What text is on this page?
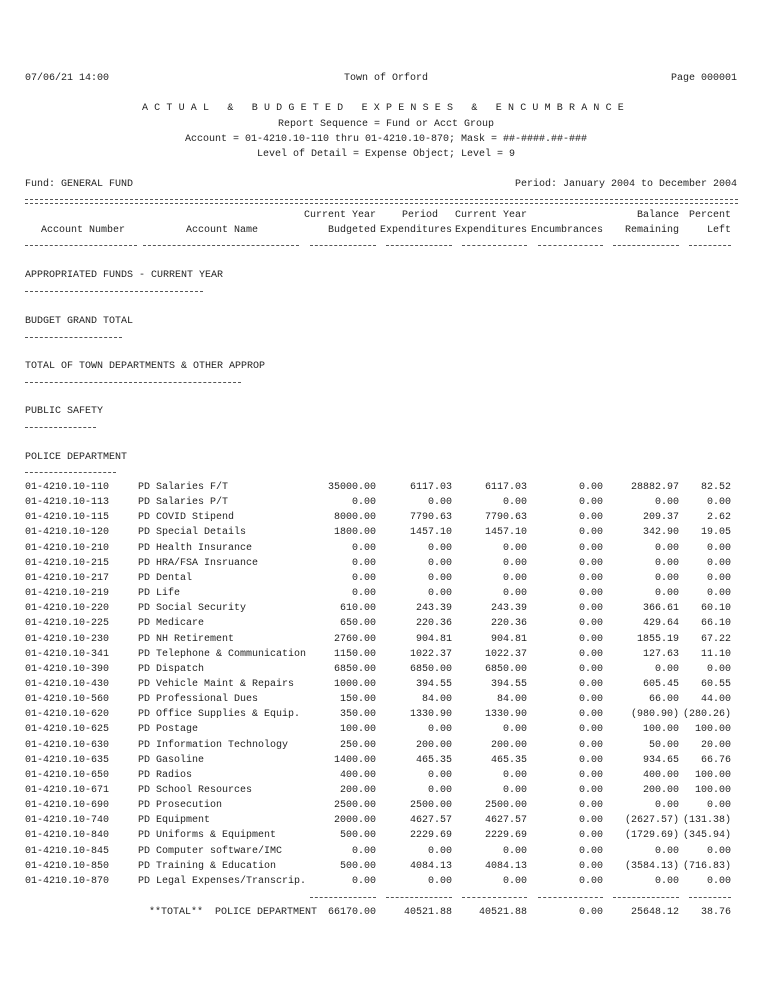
07/06/21 14:00	Town of Orford	Page 000001
ACTUAL & BUDGETED EXPENSES & ENCUMBRANCE
Report Sequence = Fund or Acct Group
Account = 01-4210.10-110 thru 01-4210.10-870; Mask = ##-####.##-###
Level of Detail = Expense Object; Level = 9
Fund: GENERAL FUND	Period: January 2004 to December 2004
Account Number	Account Name
Current Year
Budgeted
Period
Expenditures
Current Year
Expenditures Encumbrances
Balance
Remaining
Percent
Left
APPROPRIATED FUNDS - CURRENT YEAR
BUDGET GRAND TOTAL
TOTAL OF TOWN DEPARTMENTS & OTHER APPROP
PUBLIC SAFETY
POLICE DEPARTMENT
01-4210.10-110	PD Salaries F/T	35000.00	6117.03	6117.03	0.00	28882.97 82.52
01-4210.10-113	PD Salaries P/T	0.00	0.00	0.00	0.00	0.00	0.00
01-4210.10-115	PD COVID Stipend	8000.00	7790.63	7790.63	0.00	209.37	2.62
01-4210.10-120	PD Special Details	1800.00	1457.10	1457.10	0.00	342.90 19.05
01-4210.10-210	PD Health Insurance	0.00	0.00	0.00	0.00	0.00	0.00
01-4210.10-215	PD HRA/FSA Insruance	0.00	0.00	0.00	0.00	0.00	0.00
01-4210.10-217	PD Dental	0.00	0.00	0.00	0.00	0.00	0.00
01-4210.10-219	PD Life	0.00	0.00	0.00	0.00	0.00	0.00
01-4210.10-220	PD Social Security	610.00	243.39	243.39	0.00	366.61 60.10
01-4210.10-225	PD Medicare	650.00	220.36	220.36	0.00	429.64 66.10
01-4210.10-230	PD NH Retirement	2760.00	904.81	904.81	0.00	1855.19 67.22
01-4210.10-341	PD Telephone & Communication	1150.00	1022.37	1022.37	0.00	127.63 11.10
01-4210.10-390	PD Dispatch	6850.00	6850.00	6850.00	0.00	0.00	0.00
01-4210.10-430	PD Vehicle Maint & Repairs	1000.00	394.55	394.55	0.00	605.45 60.55
01-4210.10-560	PD Professional Dues	150.00	84.00	84.00	0.00	66.00 44.00
01-4210.10-620	PD Office Supplies & Equip.	350.00	1330.90	1330.90	0.00	(980.90) (280.26)
01-4210.10-625	PD Postage	100.00	0.00	0.00	0.00	100.00 100.00
01-4210.10-630	PD Information Technology	250.00	200.00	200.00	0.00	50.00 20.00
01-4210.10-635	PD Gasoline	1400.00	465.35	465.35	0.00	934.65 66.76
01-4210.10-650	PD Radios	400.00	0.00	0.00	0.00	400.00 100.00
01-4210.10-671	PD School Resources	200.00	0.00	0.00	0.00	200.00 100.00
01-4210.10-690	PD Prosecution	2500.00	2500.00	2500.00	0.00	0.00	0.00
01-4210.10-740	PD Equipment	2000.00	4627.57	4627.57	0.00 (2627.57) (131.38)
01-4210.10-840	PD Uniforms & Equipment	500.00	2229.69	2229.69	0.00 (1729.69) (345.94)
01-4210.10-845	PD Computer software/IMC	0.00	0.00	0.00	0.00	0.00	0.00
01-4210.10-850	PD Training & Education	500.00	4084.13	4084.13	0.00 (3584.13) (716.83)
01-4210.10-870	PD Legal Expenses/Transcrip.	0.00	0.00	0.00	0.00	0.00	0.00
**TOTAL**  POLICE DEPARTMENT 66170.00	40521.88	40521.88	0.00	25648.12 38.76
